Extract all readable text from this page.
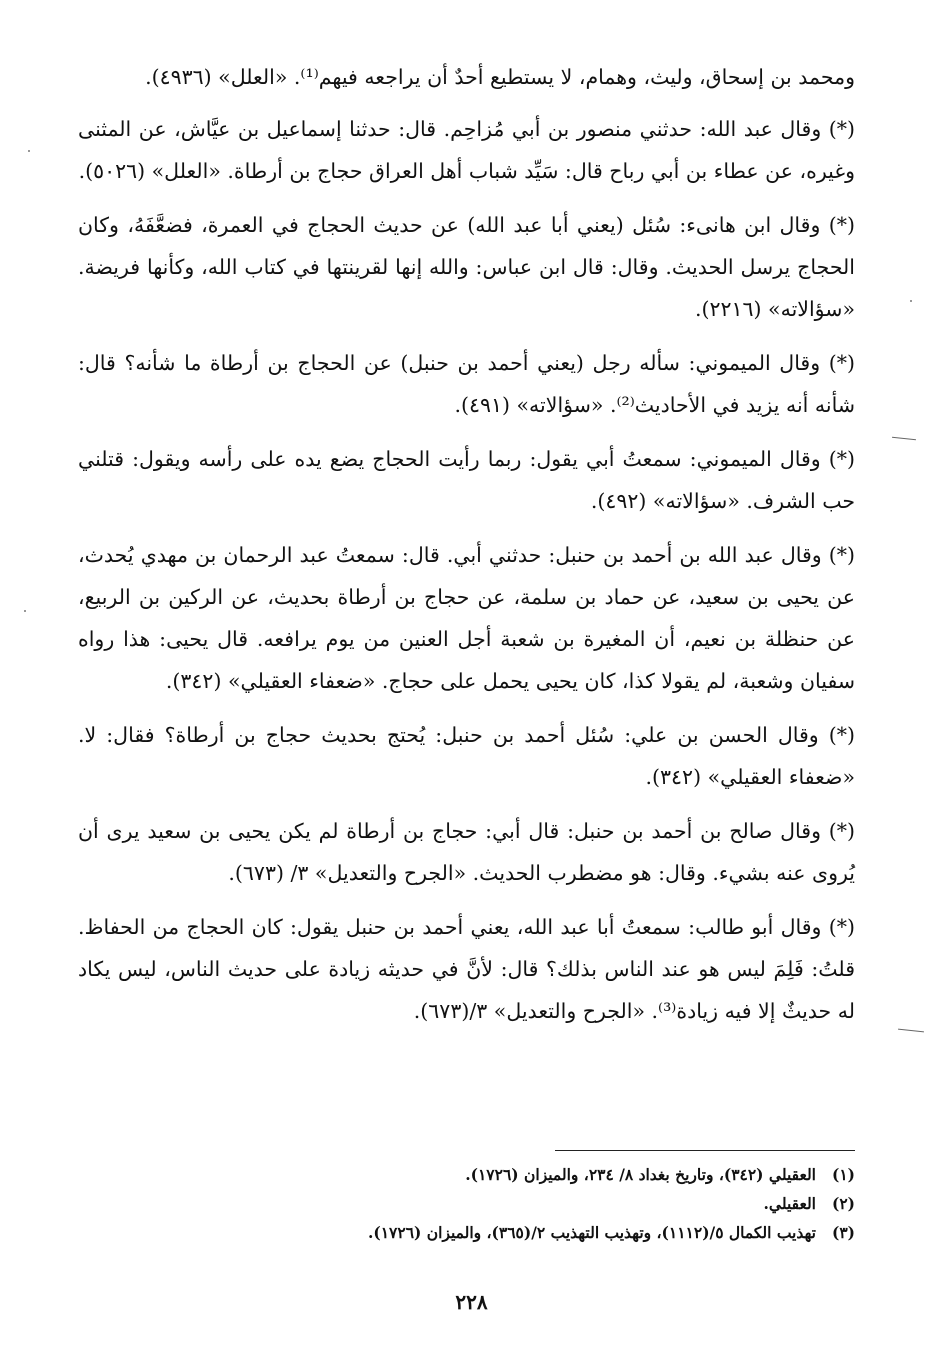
ومحمد بن إسحاق، وليث، وهمام، لا يستطيع أحدٌ أن يراجعه فيهم⁽¹⁾. «العلل» (٤٩٣٦).

(*) وقال عبد الله: حدثني منصور بن أبي مُزاحِم. قال: حدثنا إسماعيل بن عيَّاش، عن المثنى وغيره، عن عطاء بن أبي رباح قال: سَيِّد شباب أهل العراق حجاج بن أرطاة. «العلل» (٥٠٢٦).

(*) وقال ابن هانىء: سُئل (يعني أبا عبد الله) عن حديث الحجاج في العمرة، فضعَّفَهُ، وكان الحجاج يرسل الحديث. وقال: قال ابن عباس: والله إنها لقرينتها في كتاب الله، وكأنها فريضة. «سؤالاته» (٢٢١٦).

(*) وقال الميموني: سأله رجل (يعني أحمد بن حنبل) عن الحجاج بن أرطاة ما شأنه؟ قال: شأنه أنه يزيد في الأحاديث⁽²⁾. «سؤالاته» (٤٩١).

(*) وقال الميموني: سمعتُ أبي يقول: ربما رأيت الحجاج يضع يده على رأسه ويقول: قتلني حب الشرف. «سؤالاته» (٤٩٢).

(*) وقال عبد الله بن أحمد بن حنبل: حدثني أبي. قال: سمعتُ عبد الرحمان بن مهدي يُحدث، عن يحيى بن سعيد، عن حماد بن سلمة، عن حجاج بن أرطاة بحديث، عن الركين بن الربيع، عن حنظلة بن نعيم، أن المغيرة بن شعبة أجل العنين من يوم يرافعه. قال يحيى: هذا رواه سفيان وشعبة، لم يقولا كذا، كان يحيى يحمل على حجاج. «ضعفاء العقيلي» (٣٤٢).

(*) وقال الحسن بن علي: سُئل أحمد بن حنبل: يُحتج بحديث حجاج بن أرطاة؟ فقال: لا. «ضعفاء العقيلي» (٣٤٢).

(*) وقال صالح بن أحمد بن حنبل: قال أبي: حجاج بن أرطاة لم يكن يحيى بن سعيد يرى أن يُروى عنه بشيء. وقال: هو مضطرب الحديث. «الجرح والتعديل» ٣/ (٦٧٣).

(*) وقال أبو طالب: سمعتُ أبا عبد الله، يعني أحمد بن حنبل يقول: كان الحجاج من الحفاظ. قلتُ: فَلِمَ ليس هو عند الناس بذلك؟ قال: لأنَّ في حديثه زيادة على حديث الناس، ليس يكاد له حديثٌ إلا فيه زيادة⁽³⁾. «الجرح والتعديل» ٣/(٦٧٣).

(١)
العقيلي (٣٤٢)، وتاريخ بغداد ٨/ ٢٣٤، والميزان (١٧٢٦).
(٢)
العقيلي.
(٣)
تهذيب الكمال ٥/(١١١٢)، وتهذيب التهذيب ٢/(٣٦٥)، والميزان (١٧٢٦).
٢٢٨
